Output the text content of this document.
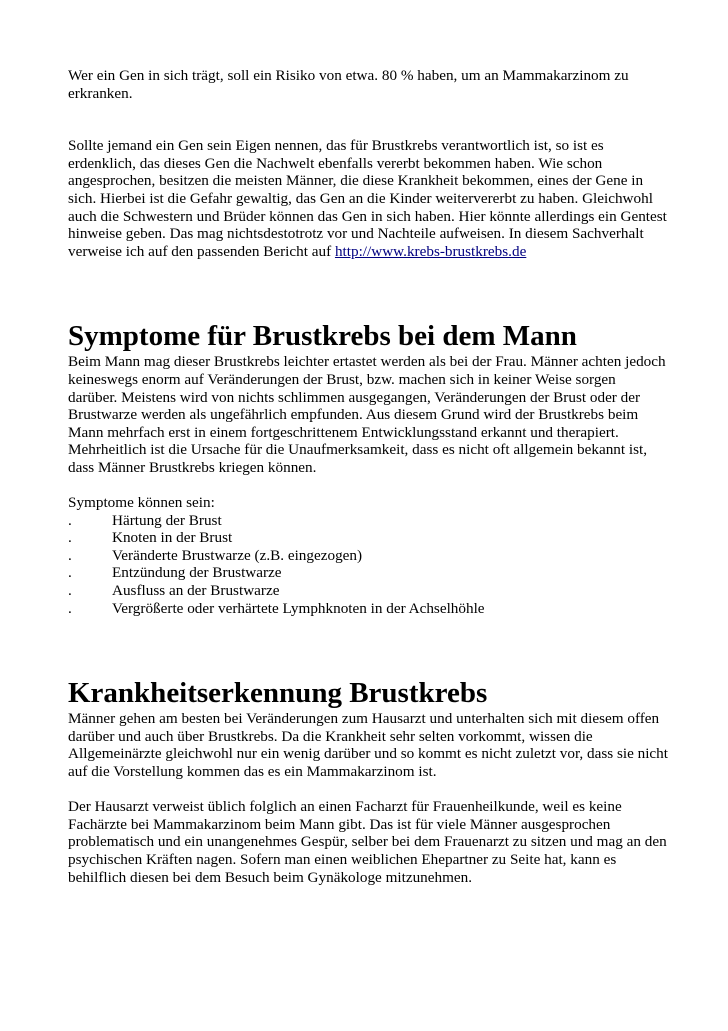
Wer ein Gen in sich trägt, soll ein Risiko von etwa. 80 % haben, um an Mammakarzinom zu erkranken.

Sollte jemand ein Gen sein Eigen nennen, das für Brustkrebs verantwortlich ist, so ist es erdenklich, das dieses Gen die Nachwelt ebenfalls vererbt bekommen haben. Wie schon angesprochen, besitzen die meisten Männer, die diese Krankheit bekommen, eines der Gene in sich. Hierbei ist die Gefahr gewaltig, das Gen an die Kinder weitervererbt zu haben. Gleichwohl auch die Schwestern und Brüder können das Gen in sich haben. Hier könnte allerdings ein Gentest hinweise geben. Das mag nichtsdestotrotz vor und Nachteile aufweisen. In diesem Sachverhalt verweise ich auf den passenden Bericht auf http://www.krebs-brustkrebs.de

Symptome für Brustkrebs bei dem Mann

Beim Mann mag dieser Brustkrebs leichter ertastet werden als bei der Frau. Männer achten jedoch keineswegs enorm auf Veränderungen der Brust, bzw. machen sich in keiner Weise sorgen darüber. Meistens wird von nichts schlimmen ausgegangen, Veränderungen der Brust oder der Brustwarze werden als ungefährlich empfunden. Aus diesem Grund wird der Brustkrebs beim Mann mehrfach erst in einem fortgeschrittenem Entwicklungsstand erkannt und therapiert. Mehrheitlich ist die Ursache für die Unaufmerksamkeit, dass es nicht oft allgemein bekannt ist, dass Männer Brustkrebs kriegen können.

Symptome können sein:

.	Härtung der Brust
.	Knoten in der Brust
.	Veränderte Brustwarze (z.B. eingezogen)
.	Entzündung der Brustwarze
.	Ausfluss an der Brustwarze
.	Vergrößerte oder verhärtete Lymphknoten in der Achselhöhle
Krankheitserkennung Brustkrebs

Männer gehen am besten bei Veränderungen zum Hausarzt und unterhalten sich mit diesem offen darüber und auch über Brustkrebs. Da die Krankheit sehr selten vorkommt, wissen die Allgemeinärzte gleichwohl nur ein wenig darüber und so kommt es nicht zuletzt vor, dass sie nicht auf die Vorstellung kommen das es ein Mammakarzinom ist.

Der Hausarzt verweist üblich folglich an einen Facharzt für Frauenheilkunde, weil es keine Fachärzte bei Mammakarzinom beim Mann gibt. Das ist für viele Männer ausgesprochen problematisch und ein unangenehmes Gespür, selber bei dem Frauenarzt zu sitzen und mag an den psychischen Kräften nagen. Sofern man einen weiblichen Ehepartner zu Seite hat, kann es behilflich diesen bei dem Besuch beim Gynäkologe mitzunehmen.
